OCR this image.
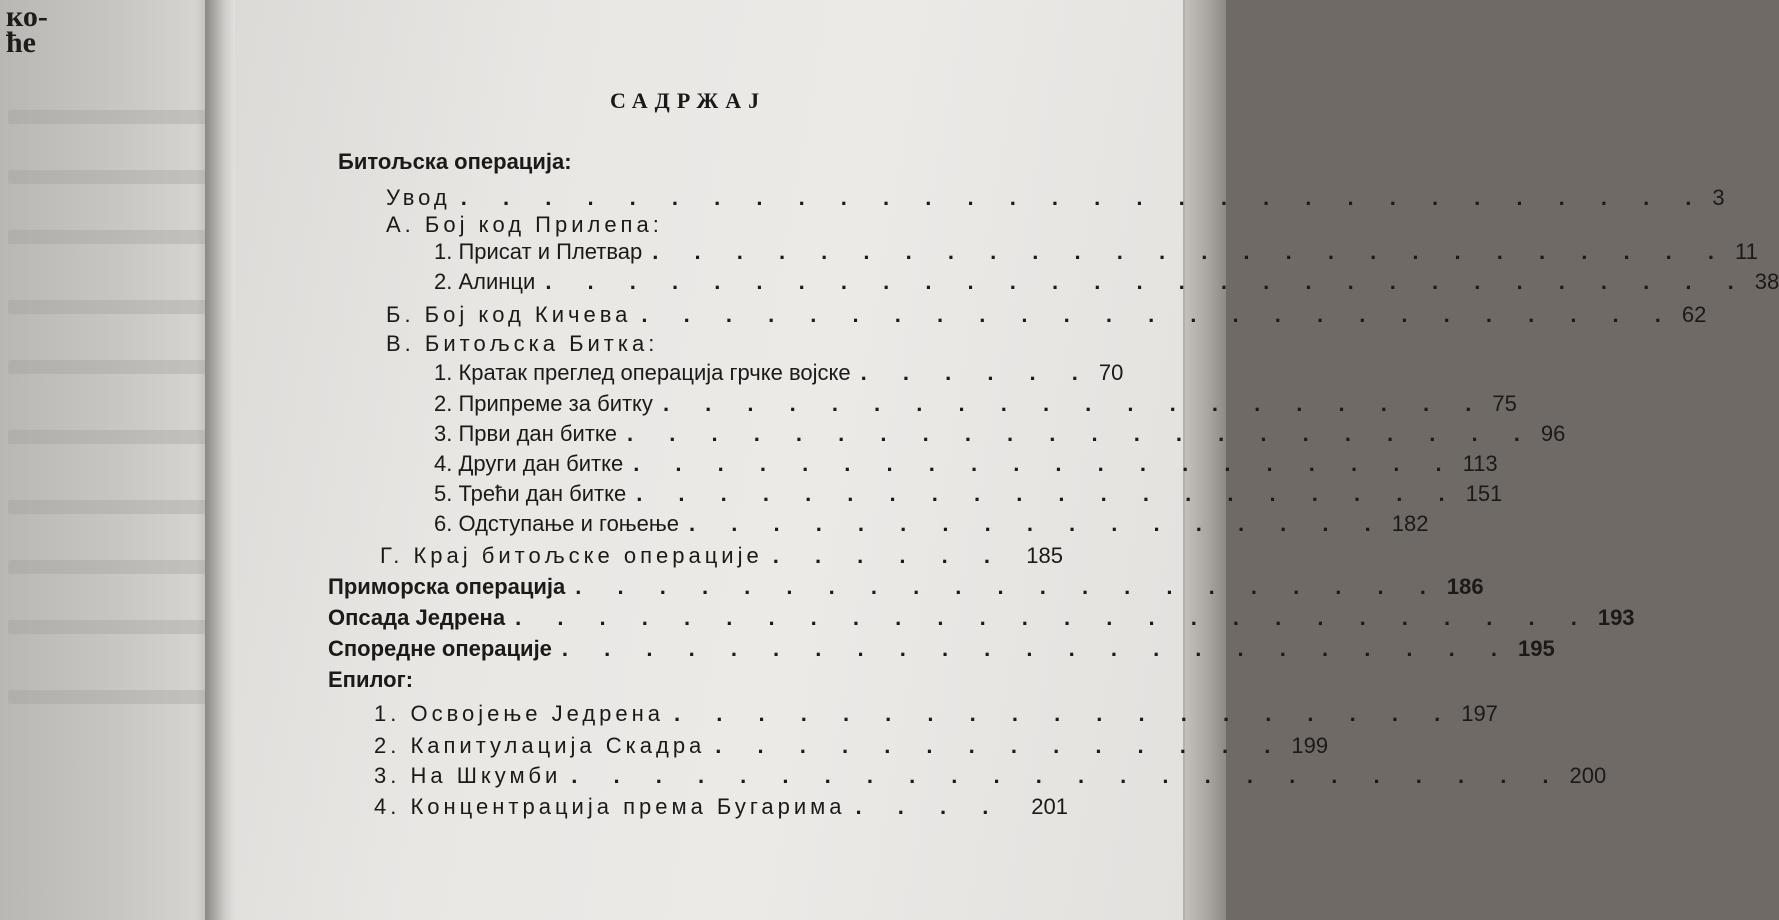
ко-
ће
САДРЖАЈ
Битољска операција:
Увод . . . . . . . . . . . . . . . . . . . . . . . . . . . . . . 3
А. Бој код Прилепа:
1. Присат и Плетвар . . . . . . . . . . . . . . . . . . . . . . . . . . 11
2. Алинци . . . . . . . . . . . . . . . . . . . . . . . . . . . . . 38
Б. Бој код Кичева . . . . . . . . . . . . . . . . . . . . . . . . . 62
В. Битољска Битка:
1. Кратак преглед операција грчке војске . . . . . . 70
2. Припреме за битку . . . . . . . . . . . . . . . . . . . . 75
3. Први дан битке . . . . . . . . . . . . . . . . . . . . . . 96
4. Други дан битке . . . . . . . . . . . . . . . . . . . . 113
5. Трећи дан битке . . . . . . . . . . . . . . . . . . . . 151
6. Одступање и гоњење . . . . . . . . . . . . . . . . . 182
Г. Крај битољске операције . . . . . . 185
Приморска операција . . . . . . . . . . . . . . . . . . . . . 186
Опсада Једрена . . . . . . . . . . . . . . . . . . . . . . . . . . 193
Споредне операције . . . . . . . . . . . . . . . . . . . . . . . 195
Епилог:
1. Освојење Једрена . . . . . . . . . . . . . . . . . . . 197
2. Капитулација Скадра . . . . . . . . . . . . . . 199
3. На Шкумби . . . . . . . . . . . . . . . . . . . . . . . . 200
4. Концентрација према Бугарима . . . .	201
